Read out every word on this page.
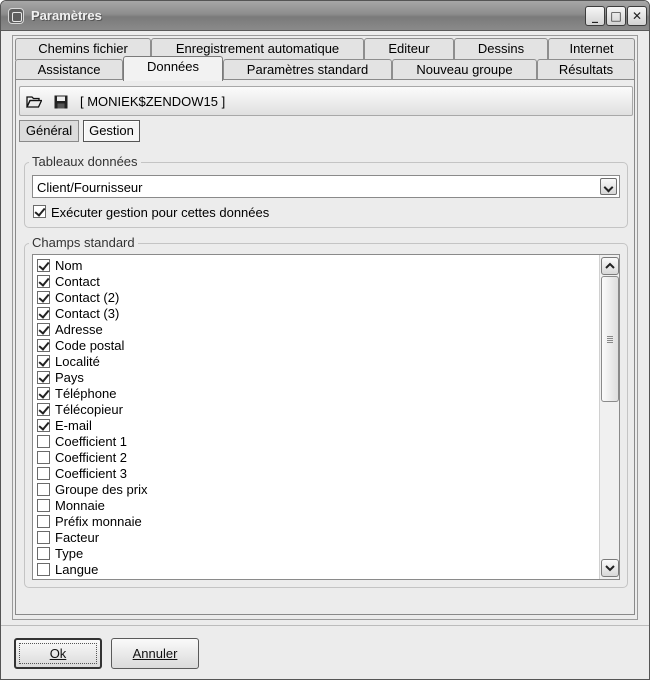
Paramètres	_	□ ✕
Chemins fichier	Enregistrement automatique	Editeur	Dessins	Internet
Assistance	Données	Paramètres standard	Nouveau groupe	Résultats
[ MONIEK$ZENDOW15 ]
Général	Gestion
Tableaux données
Client/Fournisseur
Exécuter gestion pour cettes données
Champs standard
Nom
Contact
Contact (2)
Contact (3)
Adresse
Code postal
Localité
Pays
Téléphone
Télécopieur
E-mail
Coefficient 1
Coefficient 2
Coefficient 3
Groupe des prix
Monnaie
Préfix monnaie
Facteur
Type
Langue
Ok	Annuler
